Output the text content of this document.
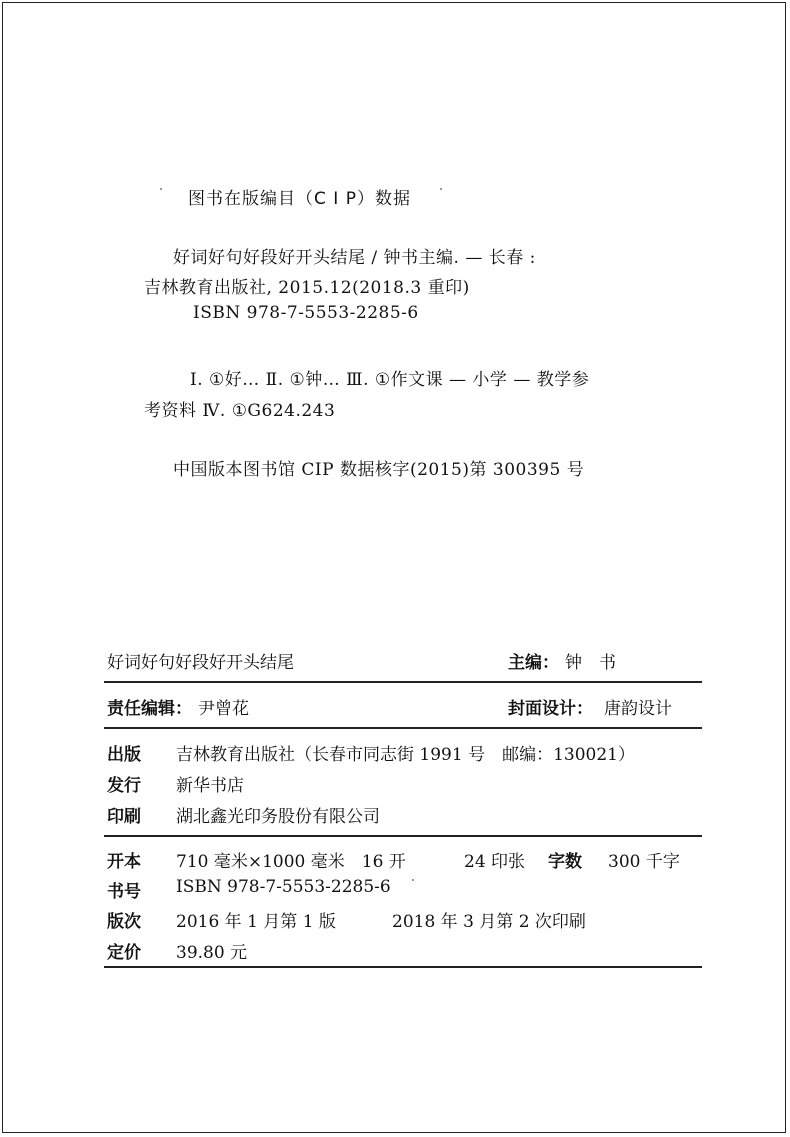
图书在版编目（C I P）数据
好词好句好段好开头结尾 / 钟书主编. — 长春 :
吉林教育出版社, 2015.12(2018.3 重印)
ISBN 978-7-5553-2285-6
Ⅰ. ①好… Ⅱ. ①钟… Ⅲ. ①作文课 — 小学 — 教学参
考资料 Ⅳ. ①G624.243
中国版本图书馆 CIP 数据核字(2015)第 300395 号
好词好句好段好开头结尾	主编： 钟　书
责任编辑： 尹曾花	封面设计： 唐韵设计
出版 吉林教育出版社（长春市同志街 1991 号　邮编：130021）
发行 新华书店
印刷 湖北鑫光印务股份有限公司
开本 710 毫米×1000 毫米　16 开	24 印张 字数 300 千字
书号 ISBN 978-7-5553-2285-6
版次 2016 年 1 月第 1 版	2018 年 3 月第 2 次印刷
定价 39.80 元
